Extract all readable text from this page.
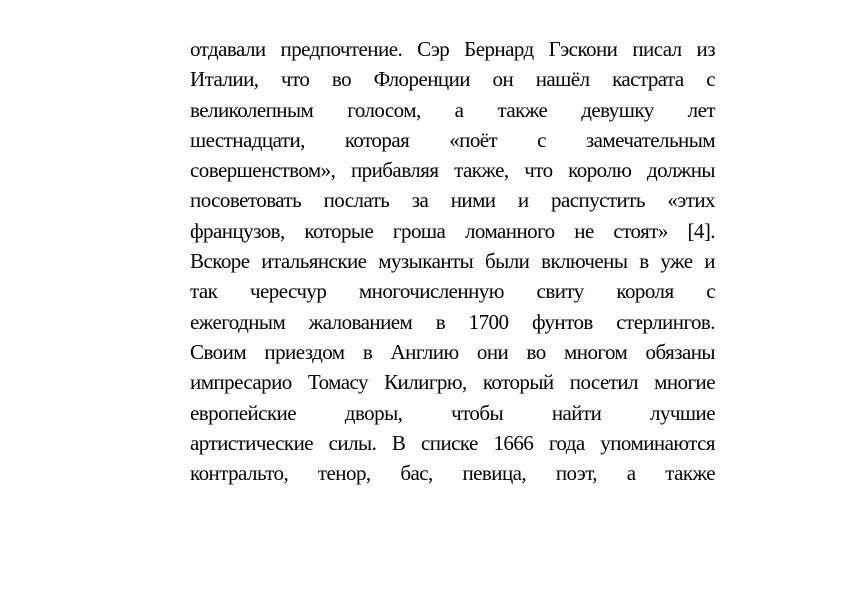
отдавали предпочтение. Сэр Бернард Гэскони писал из
Италии, что во Флоренции он нашёл кастрата с
великолепным голосом, а также девушку лет
шестнадцати, которая «поёт с замечательным
совершенством», прибавляя также, что королю должны
посоветовать послать за ними и распустить «этих
французов, которые гроша ломанного не стоят» [4].
Вскоре итальянские музыканты были включены в уже и
так чересчур многочисленную свиту короля с
ежегодным жалованием в 1700 фунтов стерлингов.
Своим приездом в Англию они во многом обязаны
импресарио Томасу Килигрю, который посетил многие
европейские дворы, чтобы найти лучшие
артистические силы. В списке 1666 года упоминаются
контральто, тенор, бас, певица, поэт, а также
